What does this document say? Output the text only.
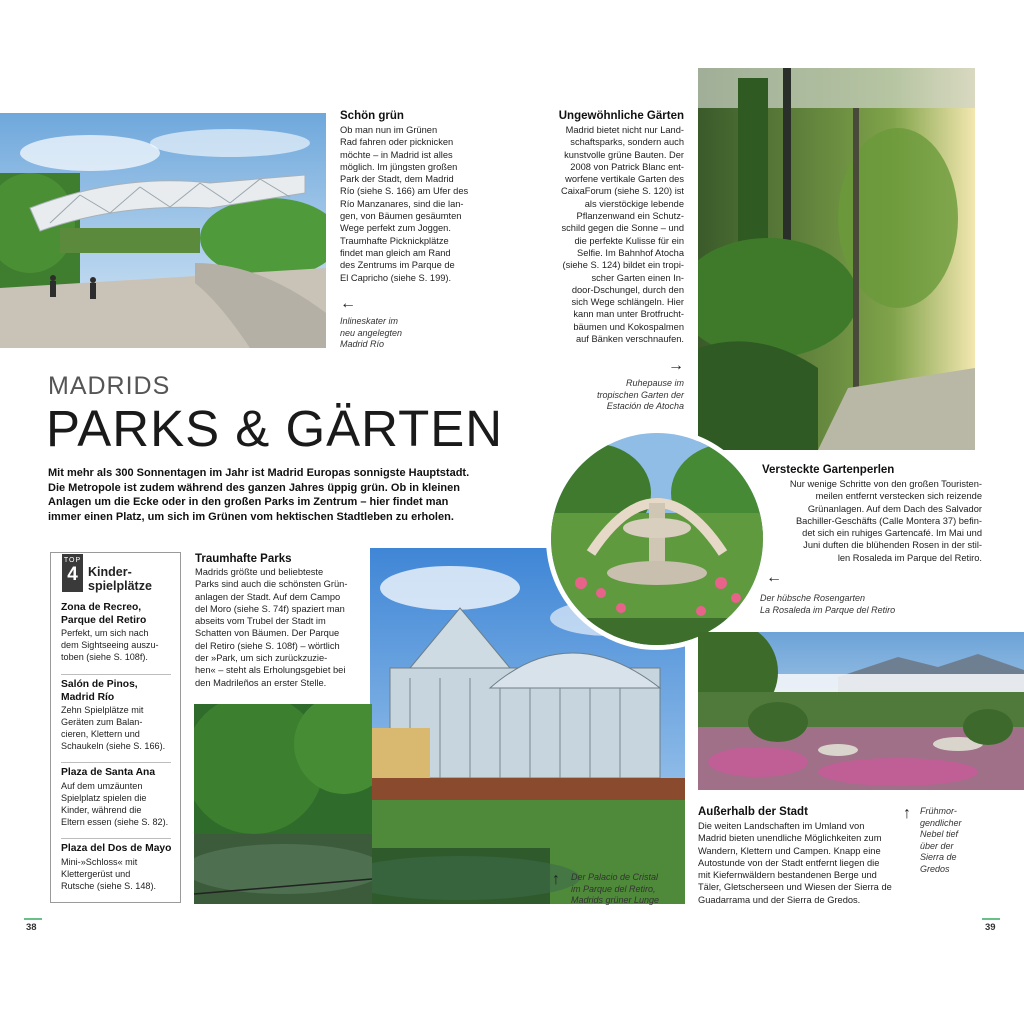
Schön grün
Ob man nun im Grünen
Rad fahren oder picknicken
möchte – in Madrid ist alles
möglich. Im jüngsten großen
Park der Stadt, dem Madrid
Río (siehe S. 166) am Ufer des
Río Manzanares, sind die lan-
gen, von Bäumen gesäumten
Wege perfekt zum Joggen.
Traumhafte Picknickplätze
findet man gleich am Rand
des Zentrums im Parque de
El Capricho (siehe S. 199).
←
Inlineskater im
neu angelegten
Madrid Río
MADRIDS
PARKS & GÄRTEN
Mit mehr als 300 Sonnentagen im Jahr ist Madrid Europas sonnigste Hauptstadt.
Die Metropole ist zudem während des ganzen Jahres üppig grün. Ob in kleinen
Anlagen um die Ecke oder in den großen Parks im Zentrum – hier findet man
immer einen Platz, um sich im Grünen vom hektischen Stadtleben zu erholen.
TOP
4 Kinder-
spielplätze
Zona de Recreo,
Parque del Retiro
Perfekt, um sich nach
dem Sightseeing auszu-
toben (siehe S. 108f).
Salón de Pinos,
Madrid Río
Zehn Spielplätze mit
Geräten zum Balan-
cieren, Klettern und
Schaukeln (siehe S. 166).
Plaza de Santa Ana
Auf dem umzäunten
Spielplatz spielen die
Kinder, während die
Eltern essen (siehe S. 82).
Plaza del Dos de Mayo
Mini-»Schloss« mit
Klettergerüst und
Rutsche (siehe S. 148).
Traumhafte Parks
Madrids größte und beliebteste
Parks sind auch die schönsten Grün-
anlagen der Stadt. Auf dem Campo
del Moro (siehe S. 74f) spaziert man
abseits vom Trubel der Stadt im
Schatten von Bäumen. Der Parque
del Retiro (siehe S. 108f) – wörtlich
der »Park, um sich zurückzuzie-
hen« – steht als Erholungsgebiet bei
den Madrileños an erster Stelle.
38
Ungewöhnliche Gärten
Madrid bietet nicht nur Land-
schaftsparks, sondern auch
kunstvolle grüne Bauten. Der
2008 von Patrick Blanc ent-
worfene vertikale Garten des
CaixaForum (siehe S. 120) ist
als vierstöckige lebende
Pflanzenwand ein Schutz-
schild gegen die Sonne – und
die perfekte Kulisse für ein
Selfie. Im Bahnhof Atocha
(siehe S. 124) bildet ein tropi-
scher Garten einen In-
door-Dschungel, durch den
sich Wege schlängeln. Hier
kann man unter Brotfrucht-
bäumen und Kokospalmen
auf Bänken verschnaufen.
→
Ruhepause im
tropischen Garten der
Estación de Atocha
Versteckte Gartenperlen
Nur wenige Schritte von den großen Touristen-
meilen entfernt verstecken sich reizende
Grünanlagen. Auf dem Dach des Salvador
Bachiller-Geschäfts (Calle Montera 37) befin-
det sich ein ruhiges Gartencafé. Im Mai und
Juni duften die blühenden Rosen in der stil-
len Rosaleda im Parque del Retiro.
←
Der hübsche Rosengarten
La Rosaleda im Parque del Retiro
Außerhalb der Stadt
Die weiten Landschaften im Umland von
Madrid bieten unendliche Möglichkeiten zum
Wandern, Klettern und Campen. Knapp eine
Autostunde von der Stadt entfernt liegen die
mit Kiefernwäldern bestandenen Berge und
Täler, Gletscherseen und Wiesen der Sierra de
Guadarrama und der Sierra de Gredos.
↑ Frühmor-
gendlicher
Nebel tief
über der
Sierra de
Gredos
↑ Der Palacio de Cristal
im Parque del Retiro,
Madrids grüner Lunge
39
